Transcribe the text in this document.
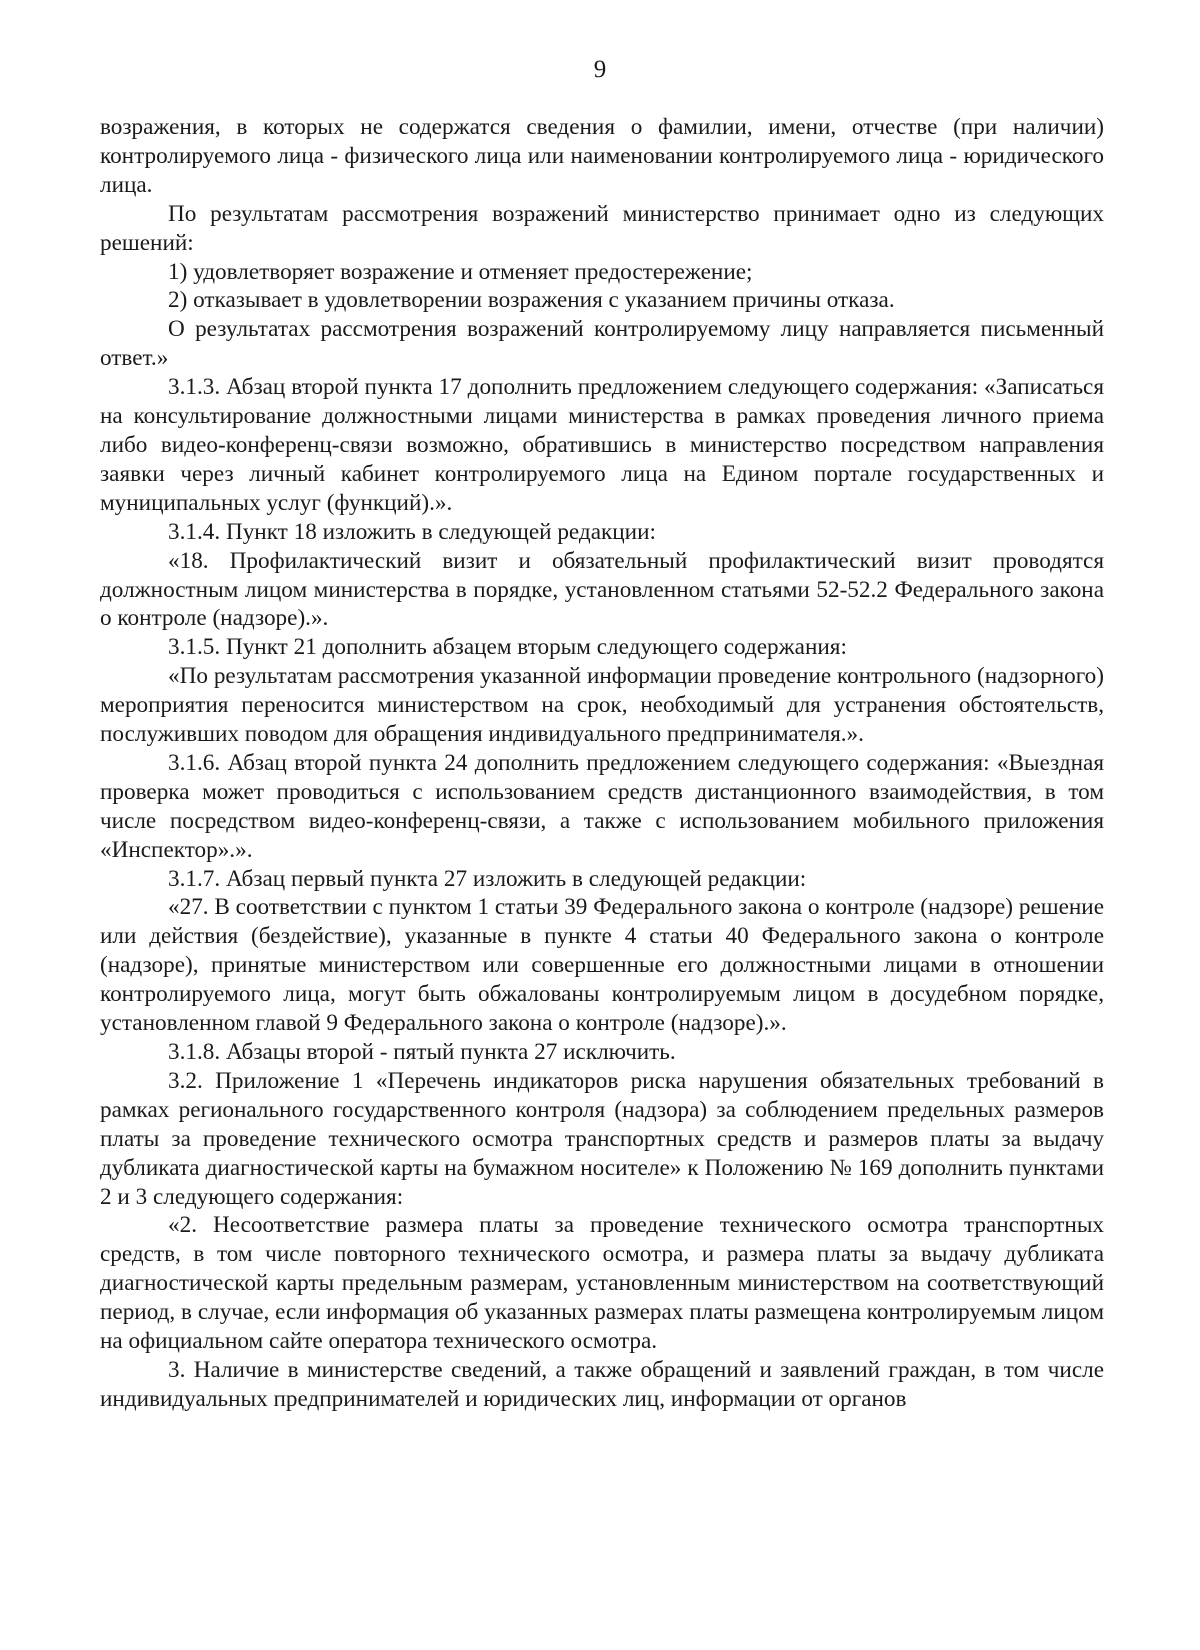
9

возражения, в которых не содержатся сведения о фамилии, имени, отчестве (при наличии) контролируемого лица - физического лица или наименовании контролируемого лица - юридического лица.

По результатам рассмотрения возражений министерство принимает одно из следующих решений:

1) удовлетворяет возражение и отменяет предостережение;

2) отказывает в удовлетворении возражения с указанием причины отказа.

О результатах рассмотрения возражений контролируемому лицу направляется письменный ответ.»

3.1.3. Абзац второй пункта 17 дополнить предложением следующего содержания: «Записаться на консультирование должностными лицами министерства в рамках проведения личного приема либо видео-конференц-связи возможно, обратившись в министерство посредством направления заявки через личный кабинет контролируемого лица на Едином портале государственных и муниципальных услуг (функций).».

3.1.4. Пункт 18 изложить в следующей редакции:

«18. Профилактический визит и обязательный профилактический визит проводятся должностным лицом министерства в порядке, установленном статьями 52-52.2 Федерального закона о контроле (надзоре).».

3.1.5. Пункт 21 дополнить абзацем вторым следующего содержания:

«По результатам рассмотрения указанной информации проведение контрольного (надзорного) мероприятия переносится министерством на срок, необходимый для устранения обстоятельств, послуживших поводом для обращения индивидуального предпринимателя.».

3.1.6. Абзац второй пункта 24 дополнить предложением следующего содержания: «Выездная проверка может проводиться с использованием средств дистанционного взаимодействия, в том числе посредством видео-конференц-связи, а также с использованием мобильного приложения «Инспектор».».

3.1.7. Абзац первый пункта 27 изложить в следующей редакции:

«27. В соответствии с пунктом 1 статьи 39 Федерального закона о контроле (надзоре) решение или действия (бездействие), указанные в пункте 4 статьи 40 Федерального закона о контроле (надзоре), принятые министерством или совершенные его должностными лицами в отношении контролируемого лица, могут быть обжалованы контролируемым лицом в досудебном порядке, установленном главой 9 Федерального закона о контроле (надзоре).».

3.1.8. Абзацы второй - пятый пункта 27 исключить.

3.2. Приложение 1 «Перечень индикаторов риска нарушения обязательных требований в рамках регионального государственного контроля (надзора) за соблюдением предельных размеров платы за проведение технического осмотра транспортных средств и размеров платы за выдачу дубликата диагностической карты на бумажном носителе» к Положению № 169 дополнить пунктами 2 и 3 следующего содержания:

«2. Несоответствие размера платы за проведение технического осмотра транспортных средств, в том числе повторного технического осмотра, и размера платы за выдачу дубликата диагностической карты предельным размерам, установленным министерством на соответствующий период, в случае, если информация об указанных размерах платы размещена контролируемым лицом на официальном сайте оператора технического осмотра.

3. Наличие в министерстве сведений, а также обращений и заявлений граждан, в том числе индивидуальных предпринимателей и юридических лиц, информации от органов
